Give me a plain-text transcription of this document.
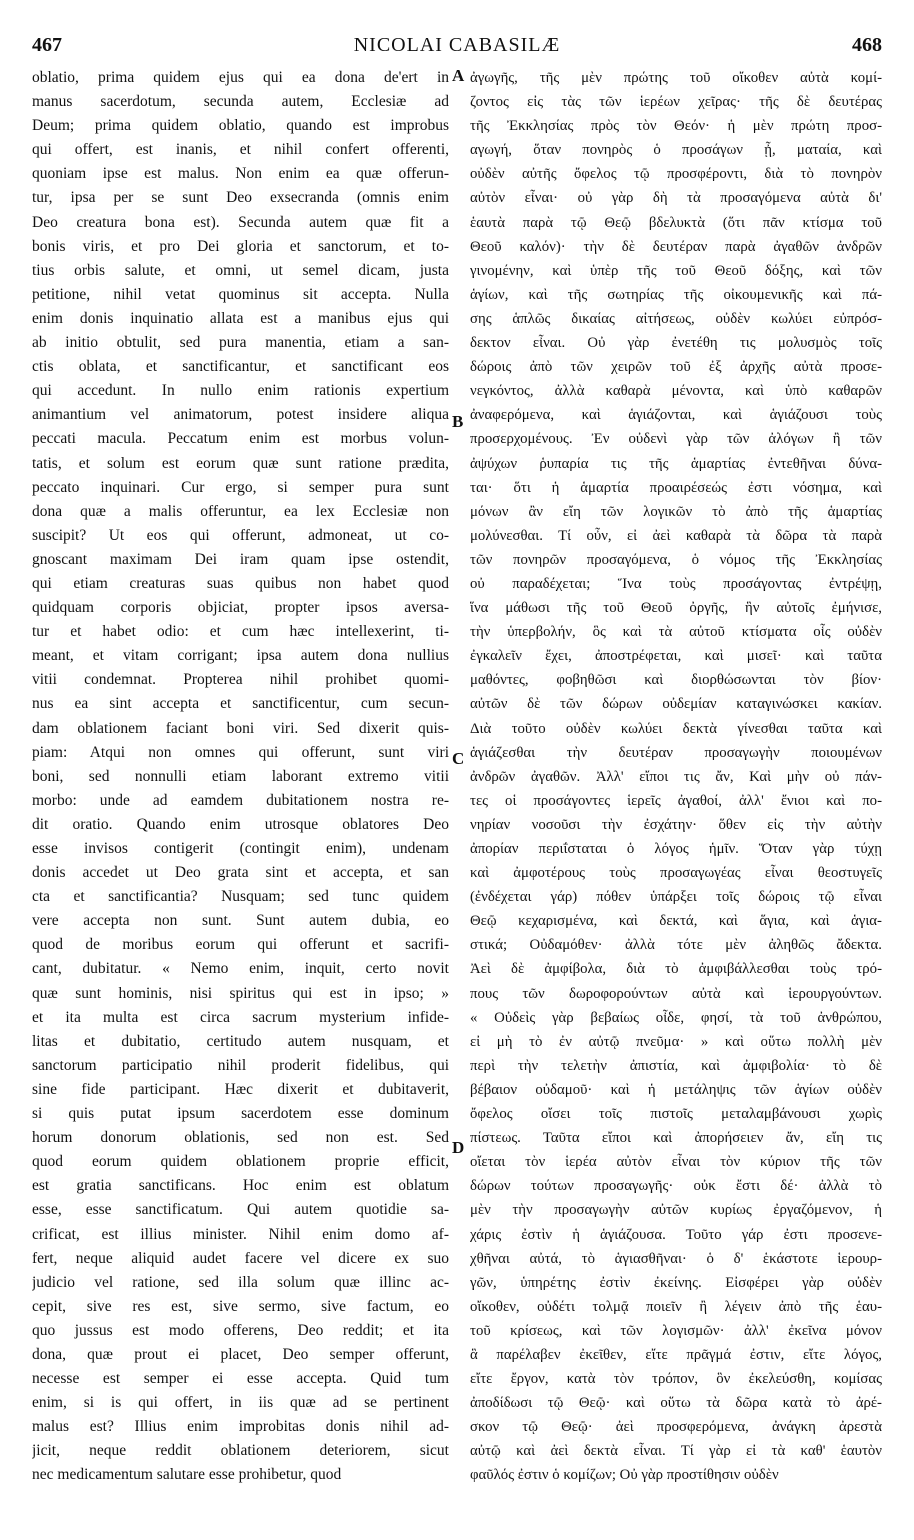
467	NICOLAI CABASILÆ	468
oblatio, prima quidem ejus qui ea dona de'ert in
manus sacerdotum, secunda autem, Ecclesiæ ad
Deum; prima quidem oblatio, quando est improbus
qui offert, est inanis, et nihil confert offerenti,
quoniam ipse est malus. Non enim ea quæ offerun-
tur, ipsa per se sunt Deo exsecranda (omnis enim
Deo creatura bona est). Secunda autem quæ fit a
bonis viris, et pro Dei gloria et sanctorum, et to-
tius orbis salute, et omni, ut semel dicam, justa
petitione, nihil vetat quominus sit accepta. Nulla
enim donis inquinatio allata est a manibus ejus qui
ab initio obtulit, sed pura manentia, etiam a san-
ctis oblata, et sanctificantur, et sanctificant eos
qui accedunt. In nullo enim rationis expertium
animantium vel animatorum, potest insidere aliqua
peccati macula. Peccatum enim est morbus volun-
tatis, et solum est eorum quæ sunt ratione prædita,
peccato inquinari. Cur ergo, si semper pura sunt
dona quæ a malis offeruntur, ea lex Ecclesiæ non
suscipit? Ut eos qui offerunt, admoneat, ut co-
gnoscant maximam Dei iram quam ipse ostendit,
qui etiam creaturas suas quibus non habet quod
quidquam corporis objiciat, propter ipsos aversa-
tur et habet odio: et cum hæc intellexerint, ti-
meant, et vitam corrigant; ipsa autem dona nullius
vitii condemnat. Propterea nihil prohibet quomi-
nus ea sint accepta et sanctificentur, cum secun-
dam oblationem faciant boni viri. Sed dixerit quis-
piam: Atqui non omnes qui offerunt, sunt viri
boni, sed nonnulli etiam laborant extremo vitii
morbo: unde ad eamdem dubitationem nostra re-
dit oratio. Quando enim utrosque oblatores Deo
esse invisos contigerit (contingit enim), undenam
donis accedet ut Deo grata sint et accepta, et san
cta et sanctificantia? Nusquam; sed tunc quidem
vere accepta non sunt. Sunt autem dubia, eo
quod de moribus eorum qui offerunt et sacrifi-
cant, dubitatur. « Nemo enim, inquit, certo novit
quæ sunt hominis, nisi spiritus qui est in ipso; »
et ita multa est circa sacrum mysterium infide-
litas et dubitatio, certitudo autem nusquam, et
sanctorum participatio nihil proderit fidelibus, qui
sine fide participant. Hæc dixerit et dubitaverit,
si quis putat ipsum sacerdotem esse dominum
horum donorum oblationis, sed non est. Sed
quod eorum quidem oblationem proprie efficit,
est gratia sanctificans. Hoc enim est oblatum
esse, esse sanctificatum. Qui autem quotidie sa-
crificat, est illius minister. Nihil enim domo af-
fert, neque aliquid audet facere vel dicere ex suo
judicio vel ratione, sed illa solum quæ illinc ac-
cepit, sive res est, sive sermo, sive factum, eo
quo jussus est modo offerens, Deo reddit; et ita
dona, quæ prout ei placet, Deo semper offerunt,
necesse est semper ei esse accepta. Quid tum
enim, si is qui offert, in iis quæ ad se pertinent
malus est? Illius enim improbitas donis nihil ad-
jicit, neque reddit oblationem deteriorem, sicut
nec medicamentum salutare esse prohibetur, quod
ἀγωγῆς, τῆς μὲν πρώτης τοῦ οἴκοθεν αὐτὰ κομί-
ζοντος εἰς τὰς τῶν ἱερέων χεῖρας· τῆς δὲ δευτέρας
τῆς Ἐκκλησίας πρὸς τὸν Θεόν· ἡ μὲν πρώτη προσ-
αγωγή, ὅταν πονηρὸς ὁ προσάγων ᾖ, ματαία, καὶ
οὐδὲν αὐτῆς ὄφελος τῷ προσφέροντι, διὰ τὸ πονηρὸν
αὐτὸν εἶναι· οὐ γὰρ δὴ τὰ προσαγόμενα αὐτὰ δι'
ἑαυτὰ παρὰ τῷ Θεῷ βδελυκτὰ (ὅτι πᾶν κτίσμα τοῦ
Θεοῦ καλόν)· τὴν δὲ δευτέραν παρὰ ἀγαθῶν ἀνδρῶν
γινομένην, καὶ ὑπὲρ τῆς τοῦ Θεοῦ δόξης, καὶ τῶν
ἁγίων, καὶ τῆς σωτηρίας τῆς οἰκουμενικῆς καὶ πά-
σης ἁπλῶς δικαίας αἰτήσεως, οὐδὲν κωλύει εὐπρόσ-
δεκτον εἶναι. Οὐ γὰρ ἐνετέθη τις μολυσμὸς τοῖς
δώροις ἀπὸ τῶν χειρῶν τοῦ ἐξ ἀρχῆς αὐτὰ προσε-
νεγκόντος, ἀλλὰ καθαρὰ μένοντα, καὶ ὑπὸ καθαρῶν
ἀναφερόμενα, καὶ ἁγιάζονται, καὶ ἁγιάζουσι τοὺς
προσερχομένους. Ἐν οὐδενὶ γὰρ τῶν ἀλόγων ἢ τῶν
ἀψύχων ῥυπαρία τις τῆς ἁμαρτίας ἐντεθῆναι δύνα-
ται· ὅτι ἡ ἁμαρτία προαιρέσεώς ἐστι νόσημα, καὶ
μόνων ἂν εἴη τῶν λογικῶν τὸ ἀπὸ τῆς ἁμαρτίας
μολύνεσθαι. Τί οὖν, εἰ ἀεὶ καθαρὰ τὰ δῶρα τὰ παρὰ
τῶν πονηρῶν προσαγόμενα, ὁ νόμος τῆς Ἐκκλησίας
οὐ παραδέχεται; Ἵνα τοὺς προσάγοντας ἐντρέψῃ,
ἵνα μάθωσι τῆς τοῦ Θεοῦ ὀργῆς, ἣν αὐτοῖς ἐμήνισε,
τὴν ὑπερβολήν, ὃς καὶ τὰ αὐτοῦ κτίσματα οἷς οὐδὲν
ἐγκαλεῖν ἔχει, ἀποστρέφεται, καὶ μισεῖ· καὶ ταῦτα
μαθόντες, φοβηθῶσι καὶ διορθώσωνται τὸν βίον·
αὐτῶν δὲ τῶν δώρων οὐδεμίαν καταγινώσκει κακίαν.
Διὰ τοῦτο οὐδὲν κωλύει δεκτὰ γίνεσθαι ταῦτα καὶ
ἁγιάζεσθαι τὴν δευτέραν προσαγωγὴν ποιουμένων
ἀνδρῶν ἀγαθῶν. Ἀλλ' εἴποι τις ἄν, Καὶ μὴν οὐ πάν-
τες οἱ προσάγοντες ἱερεῖς ἀγαθοί, ἀλλ' ἔνιοι καὶ πο-
νηρίαν νοσοῦσι τὴν ἐσχάτην· ὅθεν εἰς τὴν αὐτὴν
ἀπορίαν περιΐσταται ὁ λόγος ἡμῖν. Ὅταν γὰρ τύχῃ
καὶ ἀμφοτέρους τοὺς προσαγωγέας εἶναι θεοστυγεῖς
(ἐνδέχεται γάρ) πόθεν ὑπάρξει τοῖς δώροις τῷ εἶναι
Θεῷ κεχαρισμένα, καὶ δεκτά, καὶ ἅγια, καὶ ἁγια-
στικά; Οὐδαμόθεν· ἀλλὰ τότε μὲν ἀληθῶς ἄδεκτα.
Ἀεὶ δὲ ἀμφίβολα, διὰ τὸ ἀμφιβάλλεσθαι τοὺς τρό-
πους τῶν δωροφορούντων αὐτὰ καὶ ἱερουργούντων.
« Οὐδεὶς γὰρ βεβαίως οἶδε, φησί, τὰ τοῦ ἀνθρώπου,
εἰ μὴ τὸ ἐν αὐτῷ πνεῦμα· » καὶ οὕτω πολλὴ μὲν
περὶ τὴν τελετὴν ἀπιστία, καὶ ἀμφιβολία· τὸ δὲ
βέβαιον οὐδαμοῦ· καὶ ἡ μετάληψις τῶν ἁγίων οὐδὲν
ὄφελος οἴσει τοῖς πιστοῖς μεταλαμβάνουσι χωρὶς
πίστεως. Ταῦτα εἴποι καὶ ἀπορήσειεν ἄν, εἴη τις
οἴεται τὸν ἱερέα αὐτὸν εἶναι τὸν κύριον τῆς τῶν
δώρων τούτων προσαγωγῆς· οὐκ ἔστι δέ· ἀλλὰ τὸ
μὲν τὴν προσαγωγὴν αὐτῶν κυρίως ἐργαζόμενον, ἡ
χάρις ἐστὶν ἡ ἁγιάζουσα. Τοῦτο γάρ ἐστι προσενε-
χθῆναι αὐτά, τὸ ἁγιασθῆναι· ὁ δ' ἑκάστοτε ἱερουρ-
γῶν, ὑπηρέτης ἐστὶν ἐκείνης. Εἰσφέρει γὰρ οὐδὲν
οἴκοθεν, οὐδέτι τολμᾷ ποιεῖν ἢ λέγειν ἀπὸ τῆς ἑαυ-
τοῦ κρίσεως, καὶ τῶν λογισμῶν· ἀλλ' ἐκεῖνα μόνον
ἃ παρέλαβεν ἐκεῖθεν, εἴτε πρᾶγμά ἐστιν, εἴτε λόγος,
εἴτε ἔργον, κατὰ τὸν τρόπον, ὃν ἐκελεύσθη, κομίσας
ἀποδίδωσι τῷ Θεῷ· καὶ οὕτω τὰ δῶρα κατὰ τὸ ἀρέ-
σκον τῷ Θεῷ· ἀεὶ προσφερόμενα, ἀνάγκη ἀρεστὰ
αὐτῷ καὶ ἀεὶ δεκτὰ εἶναι. Τί γὰρ εἰ τὰ καθ' ἑαυτὸν
φαῦλός ἐστιν ὁ κομίζων; Οὐ γὰρ προστίθησιν οὐδὲν
A
B
C
D
